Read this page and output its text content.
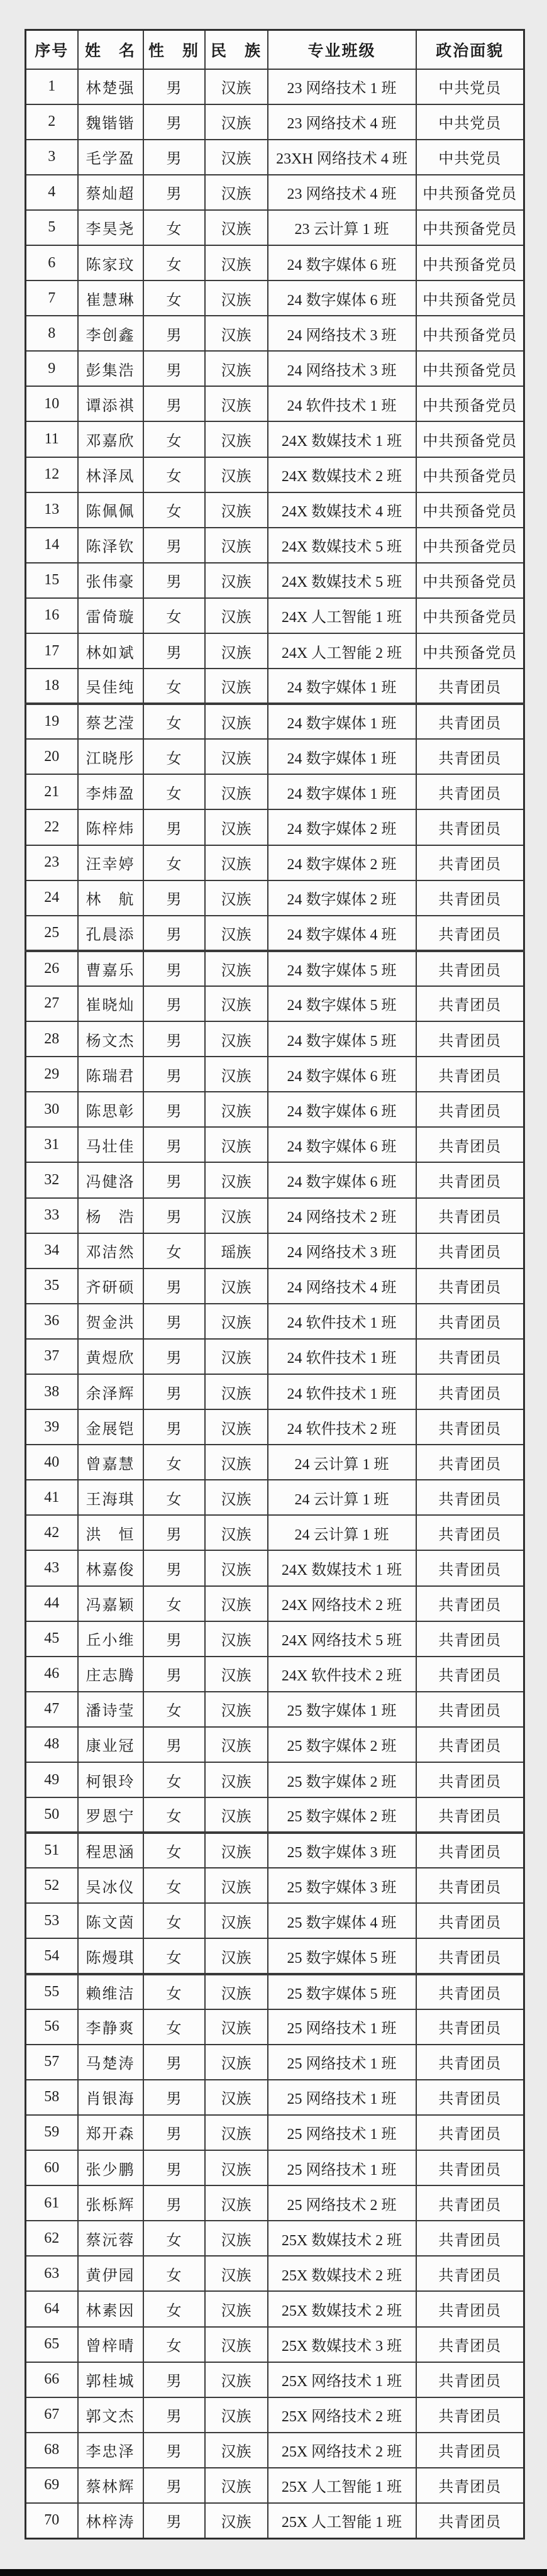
序号	姓　名	性　别	民　族	专业班级	政治面貌
1	林楚强	男	汉族	23 网络技术 1 班	中共党员
2	魏锴锴	男	汉族	23 网络技术 4 班	中共党员
3	毛学盈	男	汉族	23XH 网络技术 4 班	中共党员
4	蔡灿超	男	汉族	23 网络技术 4 班	中共预备党员
5	李昊尧	女	汉族	23 云计算 1 班	中共预备党员
6	陈家玟	女	汉族	24 数字媒体 6 班	中共预备党员
7	崔慧琳	女	汉族	24 数字媒体 6 班	中共预备党员
8	李创鑫	男	汉族	24 网络技术 3 班	中共预备党员
9	彭集浩	男	汉族	24 网络技术 3 班	中共预备党员
10	谭添祺	男	汉族	24 软件技术 1 班	中共预备党员
11	邓嘉欣	女	汉族	24X 数媒技术 1 班	中共预备党员
12	林泽凤	女	汉族	24X 数媒技术 2 班	中共预备党员
13	陈佩佩	女	汉族	24X 数媒技术 4 班	中共预备党员
14	陈泽钦	男	汉族	24X 数媒技术 5 班	中共预备党员
15	张伟豪	男	汉族	24X 数媒技术 5 班	中共预备党员
16	雷倚璇	女	汉族	24X 人工智能 1 班	中共预备党员
17	林如斌	男	汉族	24X 人工智能 2 班	中共预备党员
18	吴佳纯	女	汉族	24 数字媒体 1 班	共青团员
19	蔡艺滢	女	汉族	24 数字媒体 1 班	共青团员
20	江晓彤	女	汉族	24 数字媒体 1 班	共青团员
21	李炜盈	女	汉族	24 数字媒体 1 班	共青团员
22	陈梓炜	男	汉族	24 数字媒体 2 班	共青团员
23	汪幸婷	女	汉族	24 数字媒体 2 班	共青团员
24	林　航	男	汉族	24 数字媒体 2 班	共青团员
25	孔晨添	男	汉族	24 数字媒体 4 班	共青团员
26	曹嘉乐	男	汉族	24 数字媒体 5 班	共青团员
27	崔晓灿	男	汉族	24 数字媒体 5 班	共青团员
28	杨文杰	男	汉族	24 数字媒体 5 班	共青团员
29	陈瑞君	男	汉族	24 数字媒体 6 班	共青团员
30	陈思彰	男	汉族	24 数字媒体 6 班	共青团员
31	马壮佳	男	汉族	24 数字媒体 6 班	共青团员
32	冯健洛	男	汉族	24 数字媒体 6 班	共青团员
33	杨　浩	男	汉族	24 网络技术 2 班	共青团员
34	邓洁然	女	瑶族	24 网络技术 3 班	共青团员
35	齐研硕	男	汉族	24 网络技术 4 班	共青团员
36	贺金洪	男	汉族	24 软件技术 1 班	共青团员
37	黄煜欣	男	汉族	24 软件技术 1 班	共青团员
38	余泽辉	男	汉族	24 软件技术 1 班	共青团员
39	金展铠	男	汉族	24 软件技术 2 班	共青团员
40	曾嘉慧	女	汉族	24 云计算 1 班	共青团员
41	王海琪	女	汉族	24 云计算 1 班	共青团员
42	洪　恒	男	汉族	24 云计算 1 班	共青团员
43	林嘉俊	男	汉族	24X 数媒技术 1 班	共青团员
44	冯嘉颖	女	汉族	24X 网络技术 2 班	共青团员
45	丘小维	男	汉族	24X 网络技术 5 班	共青团员
46	庄志腾	男	汉族	24X 软件技术 2 班	共青团员
47	潘诗莹	女	汉族	25 数字媒体 1 班	共青团员
48	康业冠	男	汉族	25 数字媒体 2 班	共青团员
49	柯银玲	女	汉族	25 数字媒体 2 班	共青团员
50	罗恩宁	女	汉族	25 数字媒体 2 班	共青团员
51	程思涵	女	汉族	25 数字媒体 3 班	共青团员
52	吴冰仪	女	汉族	25 数字媒体 3 班	共青团员
53	陈文茵	女	汉族	25 数字媒体 4 班	共青团员
54	陈熳琪	女	汉族	25 数字媒体 5 班	共青团员
55	赖维洁	女	汉族	25 数字媒体 5 班	共青团员
56	李静爽	女	汉族	25 网络技术 1 班	共青团员
57	马楚涛	男	汉族	25 网络技术 1 班	共青团员
58	肖银海	男	汉族	25 网络技术 1 班	共青团员
59	郑开森	男	汉族	25 网络技术 1 班	共青团员
60	张少鹏	男	汉族	25 网络技术 1 班	共青团员
61	张栎辉	男	汉族	25 网络技术 2 班	共青团员
62	蔡沅蓉	女	汉族	25X 数媒技术 2 班	共青团员
63	黄伊园	女	汉族	25X 数媒技术 2 班	共青团员
64	林素因	女	汉族	25X 数媒技术 2 班	共青团员
65	曾梓晴	女	汉族	25X 数媒技术 3 班	共青团员
66	郭桂城	男	汉族	25X 网络技术 1 班	共青团员
67	郭文杰	男	汉族	25X 网络技术 2 班	共青团员
68	李忠泽	男	汉族	25X 网络技术 2 班	共青团员
69	蔡林辉	男	汉族	25X 人工智能 1 班	共青团员
70	林梓涛	男	汉族	25X 人工智能 1 班	共青团员
